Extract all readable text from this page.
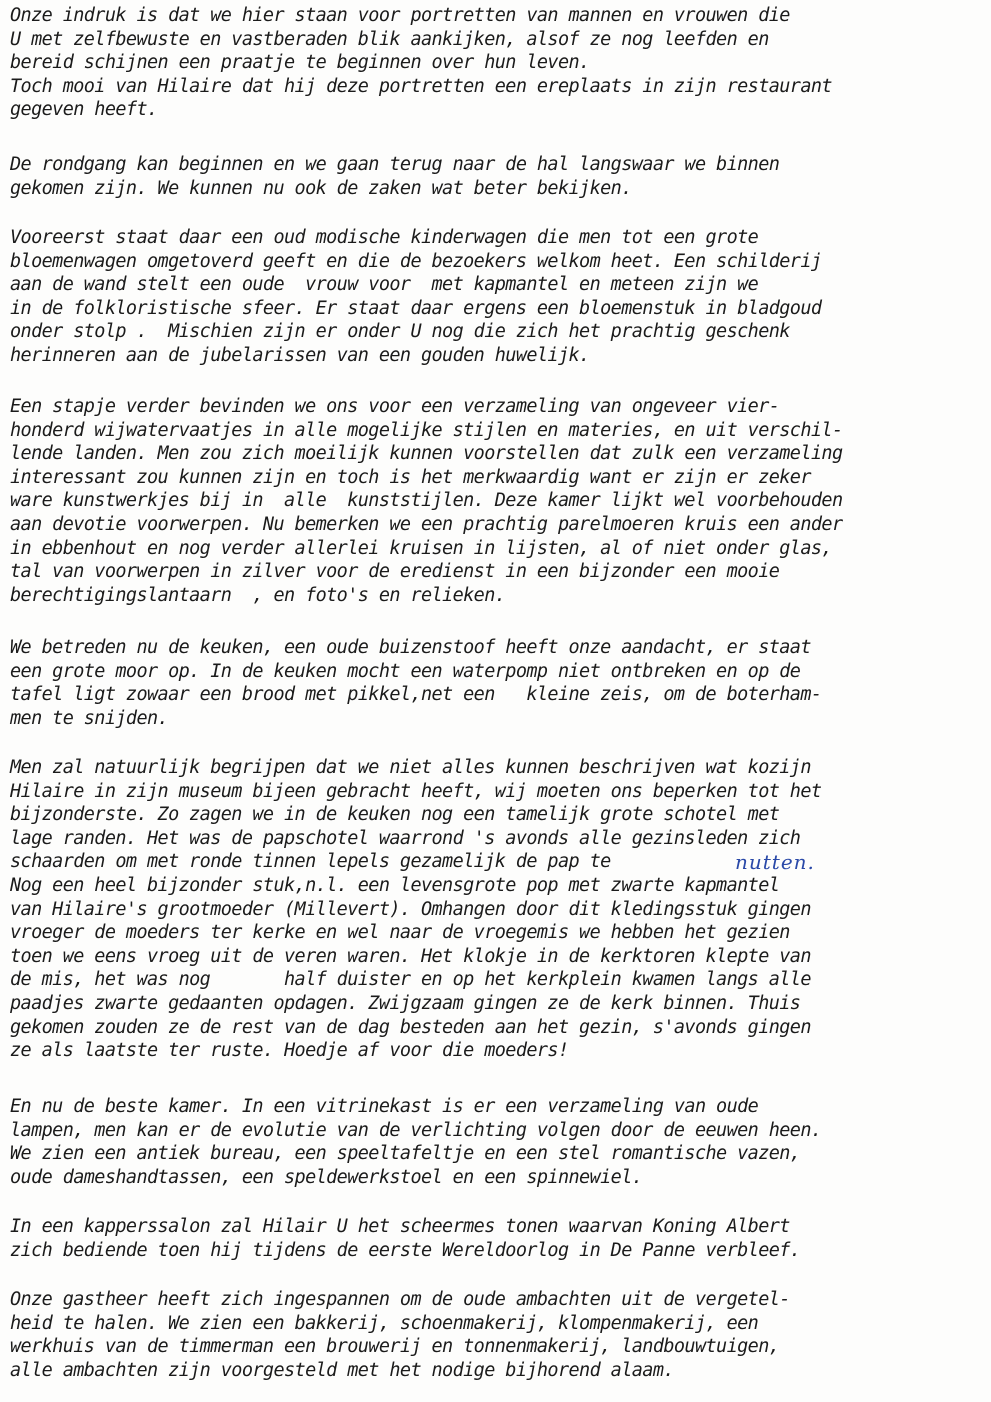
Onze indruk is dat we hier staan voor portretten van mannen en vrouwen die
U met zelfbewuste en vastberaden blik aankijken, alsof ze nog leefden en
bereid schijnen een praatje te beginnen over hun leven.
Toch mooi van Hilaire dat hij deze portretten een ereplaats in zijn restaurant
gegeven heeft.
De rondgang kan beginnen en we gaan terug naar de hal langswaar we binnen
gekomen zijn. We kunnen nu ook de zaken wat beter bekijken.
Vooreerst staat daar een oud modische kinderwagen die men tot een grote
bloemenwagen omgetoverd geeft en die de bezoekers welkom heet. Een schilderij
aan de wand stelt een oude  vrouw voor  met kapmantel en meteen zijn we
in de folkloristische sfeer. Er staat daar ergens een bloemenstuk in bladgoud
onder stolp .  Mischien zijn er onder U nog die zich het prachtig geschenk
herinneren aan de jubelarissen van een gouden huwelijk.
Een stapje verder bevinden we ons voor een verzameling van ongeveer vier-
honderd wijwatervaatjes in alle mogelijke stijlen en materies, en uit verschil-
lende landen. Men zou zich moeilijk kunnen voorstellen dat zulk een verzameling
interessant zou kunnen zijn en toch is het merkwaardig want er zijn er zeker
ware kunstwerkjes bij in  alle  kunststijlen. Deze kamer lijkt wel voorbehouden
aan devotie voorwerpen. Nu bemerken we een prachtig parelmoeren kruis een ander
in ebbenhout en nog verder allerlei kruisen in lijsten, al of niet onder glas,
tal van voorwerpen in zilver voor de eredienst in een bijzonder een mooie
berechtigingslantaarn  , en foto's en relieken.
We betreden nu de keuken, een oude buizenstoof heeft onze aandacht, er staat
een grote moor op. In de keuken mocht een waterpomp niet ontbreken en op de
tafel ligt zowaar een brood met pikkel,net een   kleine zeis, om de boterham-
men te snijden.
Men zal natuurlijk begrijpen dat we niet alles kunnen beschrijven wat kozijn
Hilaire in zijn museum bijeen gebracht heeft, wij moeten ons beperken tot het
bijzonderste. Zo zagen we in de keuken nog een tamelijk grote schotel met
lage randen. Het was de papschotel waarrond 's avonds alle gezinsleden zich
schaarden om met ronde tinnen lepels gezamelijk de pap te
Nog een heel bijzonder stuk,n.l. een levensgrote pop met zwarte kapmantel
van Hilaire's grootmoeder (Millevert). Omhangen door dit kledingsstuk gingen
vroeger de moeders ter kerke en wel naar de vroegemis we hebben het gezien
toen we eens vroeg uit de veren waren. Het klokje in de kerktoren klepte van
de mis, het was nog       half duister en op het kerkplein kwamen langs alle
paadjes zwarte gedaanten opdagen. Zwijgzaam gingen ze de kerk binnen. Thuis
gekomen zouden ze de rest van de dag besteden aan het gezin, s'avonds gingen
ze als laatste ter ruste. Hoedje af voor die moeders!
nutten.
En nu de beste kamer. In een vitrinekast is er een verzameling van oude
lampen, men kan er de evolutie van de verlichting volgen door de eeuwen heen.
We zien een antiek bureau, een speeltafeltje en een stel romantische vazen,
oude dameshandtassen, een speldewerkstoel en een spinnewiel.
In een kapperssalon zal Hilair U het scheermes tonen waarvan Koning Albert
zich bediende toen hij tijdens de eerste Wereldoorlog in De Panne verbleef.
Onze gastheer heeft zich ingespannen om de oude ambachten uit de vergetel-
heid te halen. We zien een bakkerij, schoenmakerij, klompenmakerij, een
werkhuis van de timmerman een brouwerij en tonnenmakerij, landbouwtuigen,
alle ambachten zijn voorgesteld met het nodige bijhorend alaam.
